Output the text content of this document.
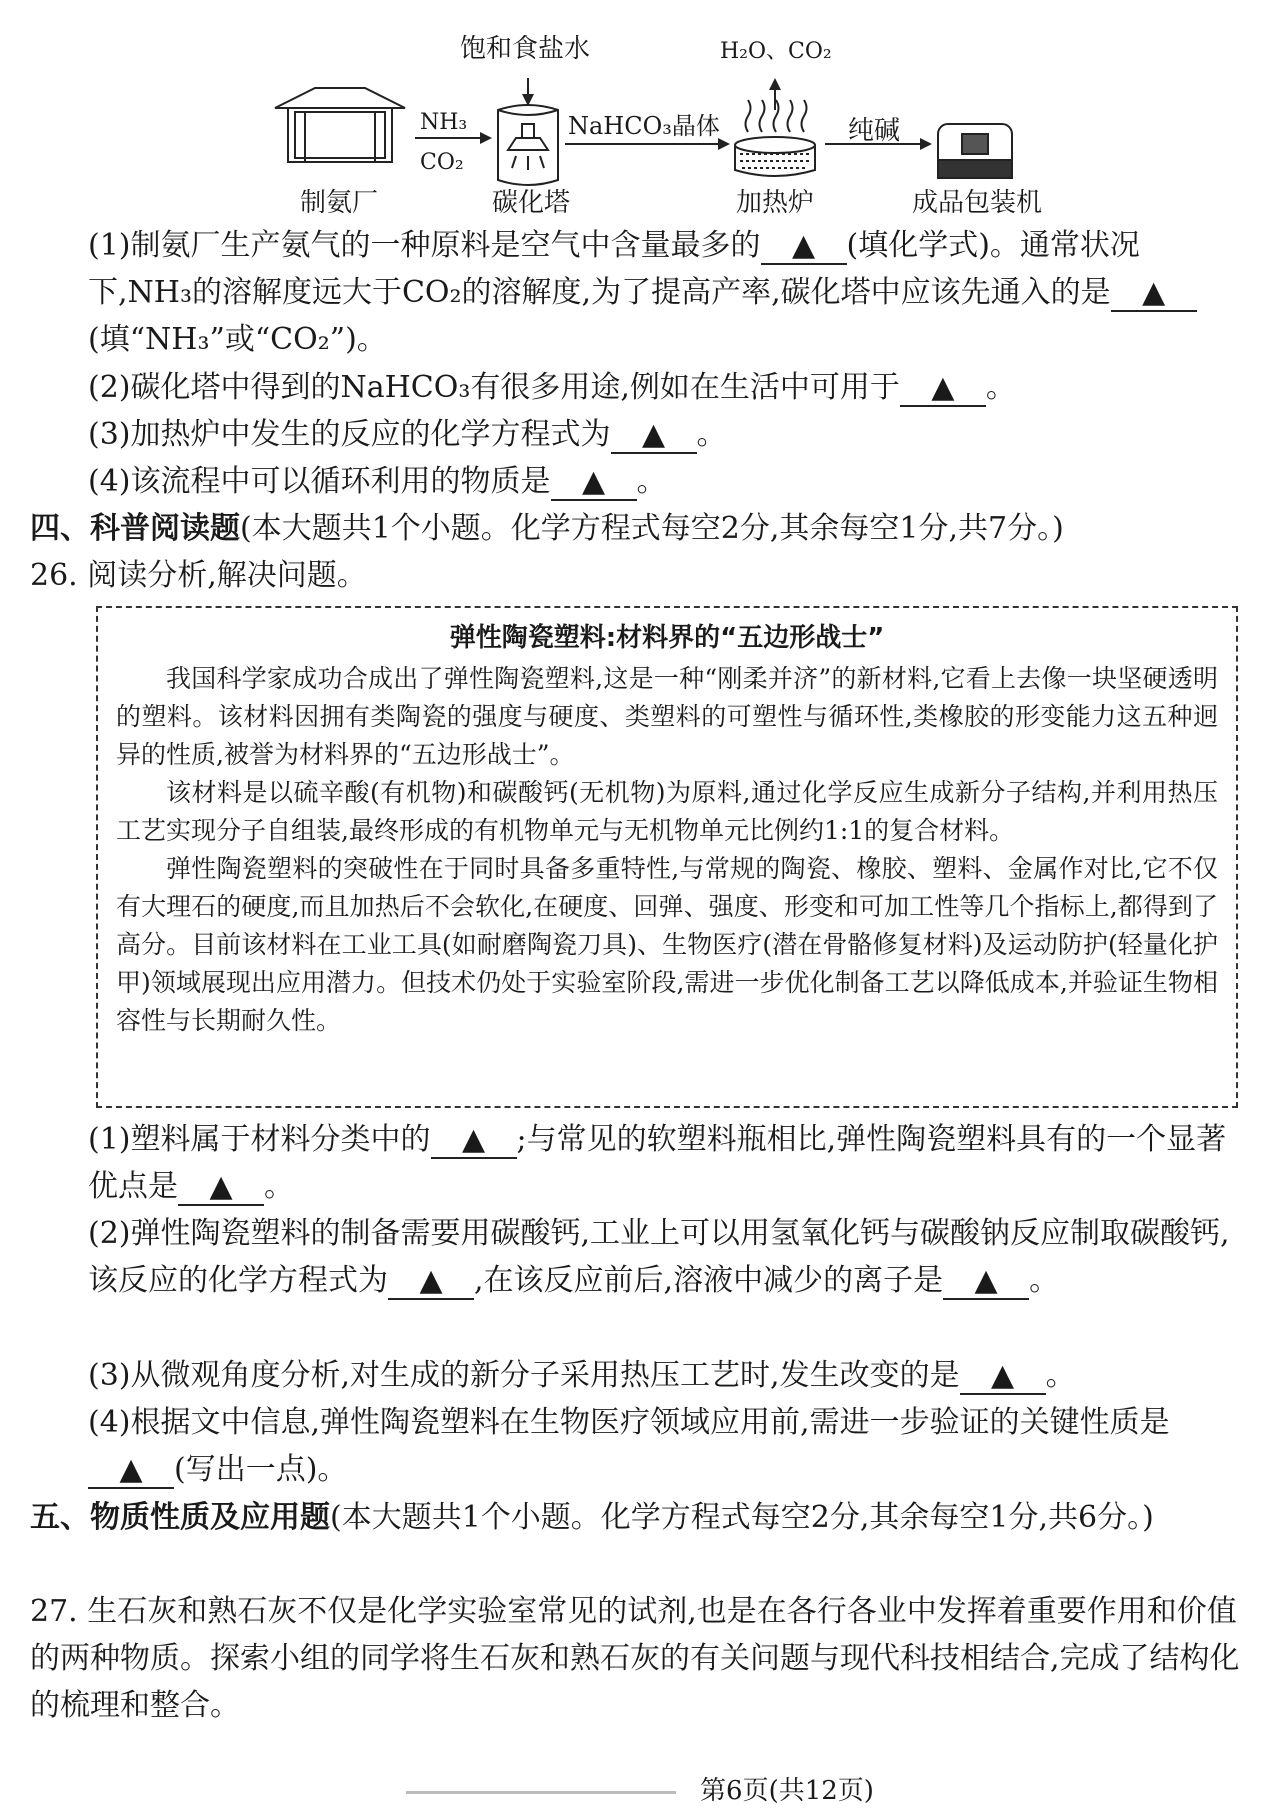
饱和食盐水	H₂O、CO₂
NH₃
CO₂
NaHCO₃晶体	纯碱
制氨厂	碳化塔	加热炉	成品包装机
(1)制氨厂生产氨气的一种原料是空气中含量最多的 ▲ (填化学式)。通常状况下,NH₃的溶解度远大于CO₂的溶解度,为了提高产率,碳化塔中应该先通入的是 ▲(填“NH₃”或“CO₂”)。
(2)碳化塔中得到的NaHCO₃有很多用途,例如在生活中可用于 ▲ 。
(3)加热炉中发生的反应的化学方程式为 ▲ 。
(4)该流程中可以循环利用的物质是 ▲ 。
四、科普阅读题(本大题共1个小题。化学方程式每空2分,其余每空1分,共7分。)
26. 阅读分析,解决问题。
弹性陶瓷塑料:材料界的“五边形战士”

我国科学家成功合成出了弹性陶瓷塑料,这是一种“刚柔并济”的新材料,它看上去像一块坚硬透明的塑料。该材料因拥有类陶瓷的强度与硬度、类塑料的可塑性与循环性,类橡胶的形变能力这五种迥异的性质,被誉为材料界的“五边形战士”。

该材料是以硫辛酸(有机物)和碳酸钙(无机物)为原料,通过化学反应生成新分子结构,并利用热压工艺实现分子自组装,最终形成的有机物单元与无机物单元比例约1:1的复合材料。

弹性陶瓷塑料的突破性在于同时具备多重特性,与常规的陶瓷、橡胶、塑料、金属作对比,它不仅有大理石的硬度,而且加热后不会软化,在硬度、回弹、强度、形变和可加工性等几个指标上,都得到了高分。目前该材料在工业工具(如耐磨陶瓷刀具)、生物医疗(潜在骨骼修复材料)及运动防护(轻量化护甲)领域展现出应用潜力。但技术仍处于实验室阶段,需进一步优化制备工艺以降低成本,并验证生物相容性与长期耐久性。

(1)塑料属于材料分类中的 ▲ ;与常见的软塑料瓶相比,弹性陶瓷塑料具有的一个显著优点是 ▲ 。
(2)弹性陶瓷塑料的制备需要用碳酸钙,工业上可以用氢氧化钙与碳酸钠反应制取碳酸钙,该反应的化学方程式为 ▲ ,在该反应前后,溶液中减少的离子是 ▲ 。
(3)从微观角度分析,对生成的新分子采用热压工艺时,发生改变的是 ▲ 。
(4)根据文中信息,弹性陶瓷塑料在生物医疗领域应用前,需进一步验证的关键性质是▲ (写出一点)。
五、物质性质及应用题(本大题共1个小题。化学方程式每空2分,其余每空1分,共6分。)
27. 生石灰和熟石灰不仅是化学实验室常见的试剂,也是在各行各业中发挥着重要作用和价值的两种物质。探索小组的同学将生石灰和熟石灰的有关问题与现代科技相结合,完成了结构化的梳理和整合。
第6页(共12页)
